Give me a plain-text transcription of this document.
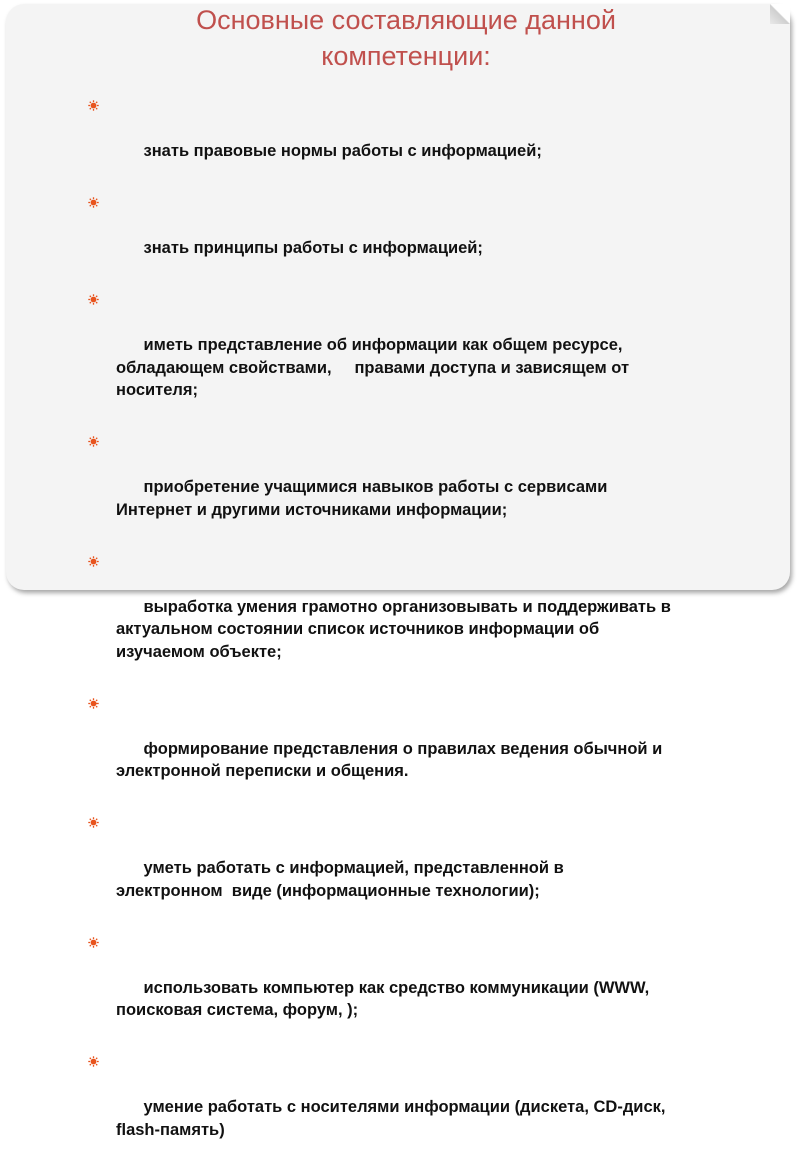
Основные составляющие данной
компетенции:

знать правовые нормы работы с информацией;

знать принципы работы с информацией;

иметь представление об информации как общем ресурсе,
обладающем свойствами,     правами доступа и зависящем от
носителя;

приобретение учащимися навыков работы с сервисами
Интернет и другими источниками информации;

выработка умения грамотно организовывать и поддерживать в
актуальном состоянии список источников информации об
изучаемом объекте;

формирование представления о правилах ведения обычной и
электронной переписки и общения.

уметь работать с информацией, представленной в
электронном  виде (информационные технологии);

использовать компьютер как средство коммуникации (WWW,
поисковая система, форум, );

умение работать с носителями информации (дискета, CD-диск,
flash-память)
